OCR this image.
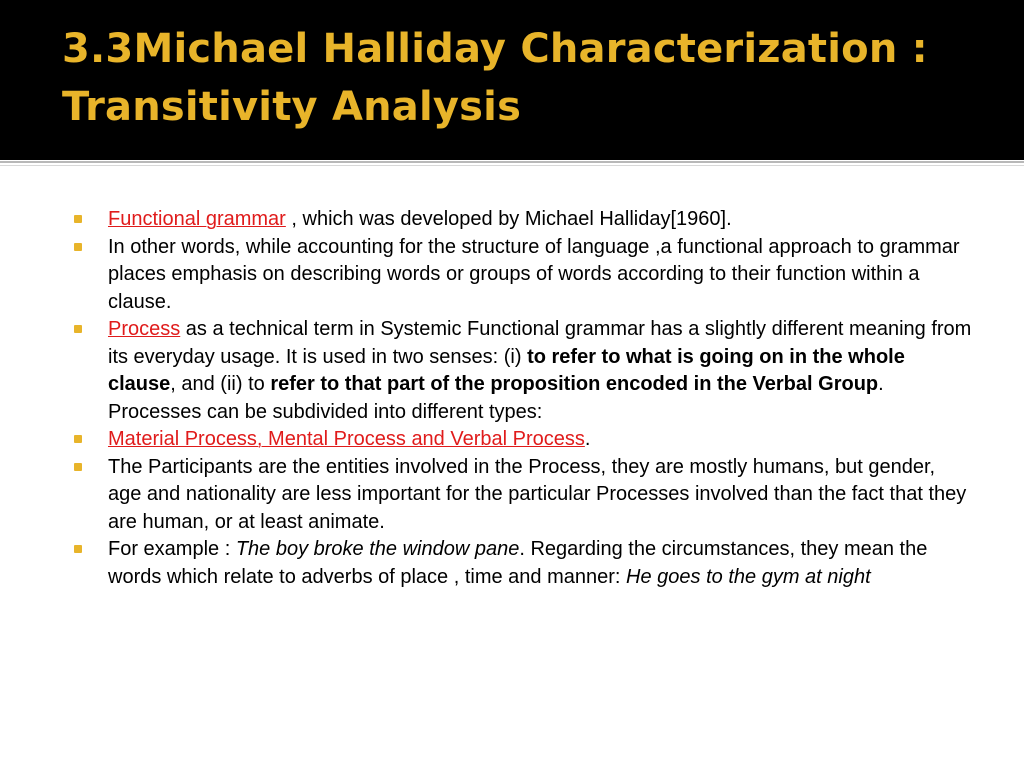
3.3Michael Halliday Characterization : Transitivity Analysis
Functional grammar , which was developed by Michael Halliday[1960].
In other words, while accounting for the structure of language ,a functional approach to grammar places emphasis on describing words or groups of words according to their function within a clause.
Process as a technical term in Systemic Functional grammar has a slightly different meaning from its everyday usage. It is used in two senses: (i) to refer to what is going on in the whole clause, and (ii) to refer to that part of the proposition encoded in the Verbal Group. Processes can be subdivided into different types:
Material Process, Mental Process and Verbal Process.
The Participants are the entities involved in the Process, they are mostly humans, but gender, age and nationality are less important for the particular Processes involved than the fact that they are human, or at least animate.
For example : The boy broke the window pane. Regarding the circumstances, they mean the words which relate to adverbs of place , time and manner: He goes to the gym at night
